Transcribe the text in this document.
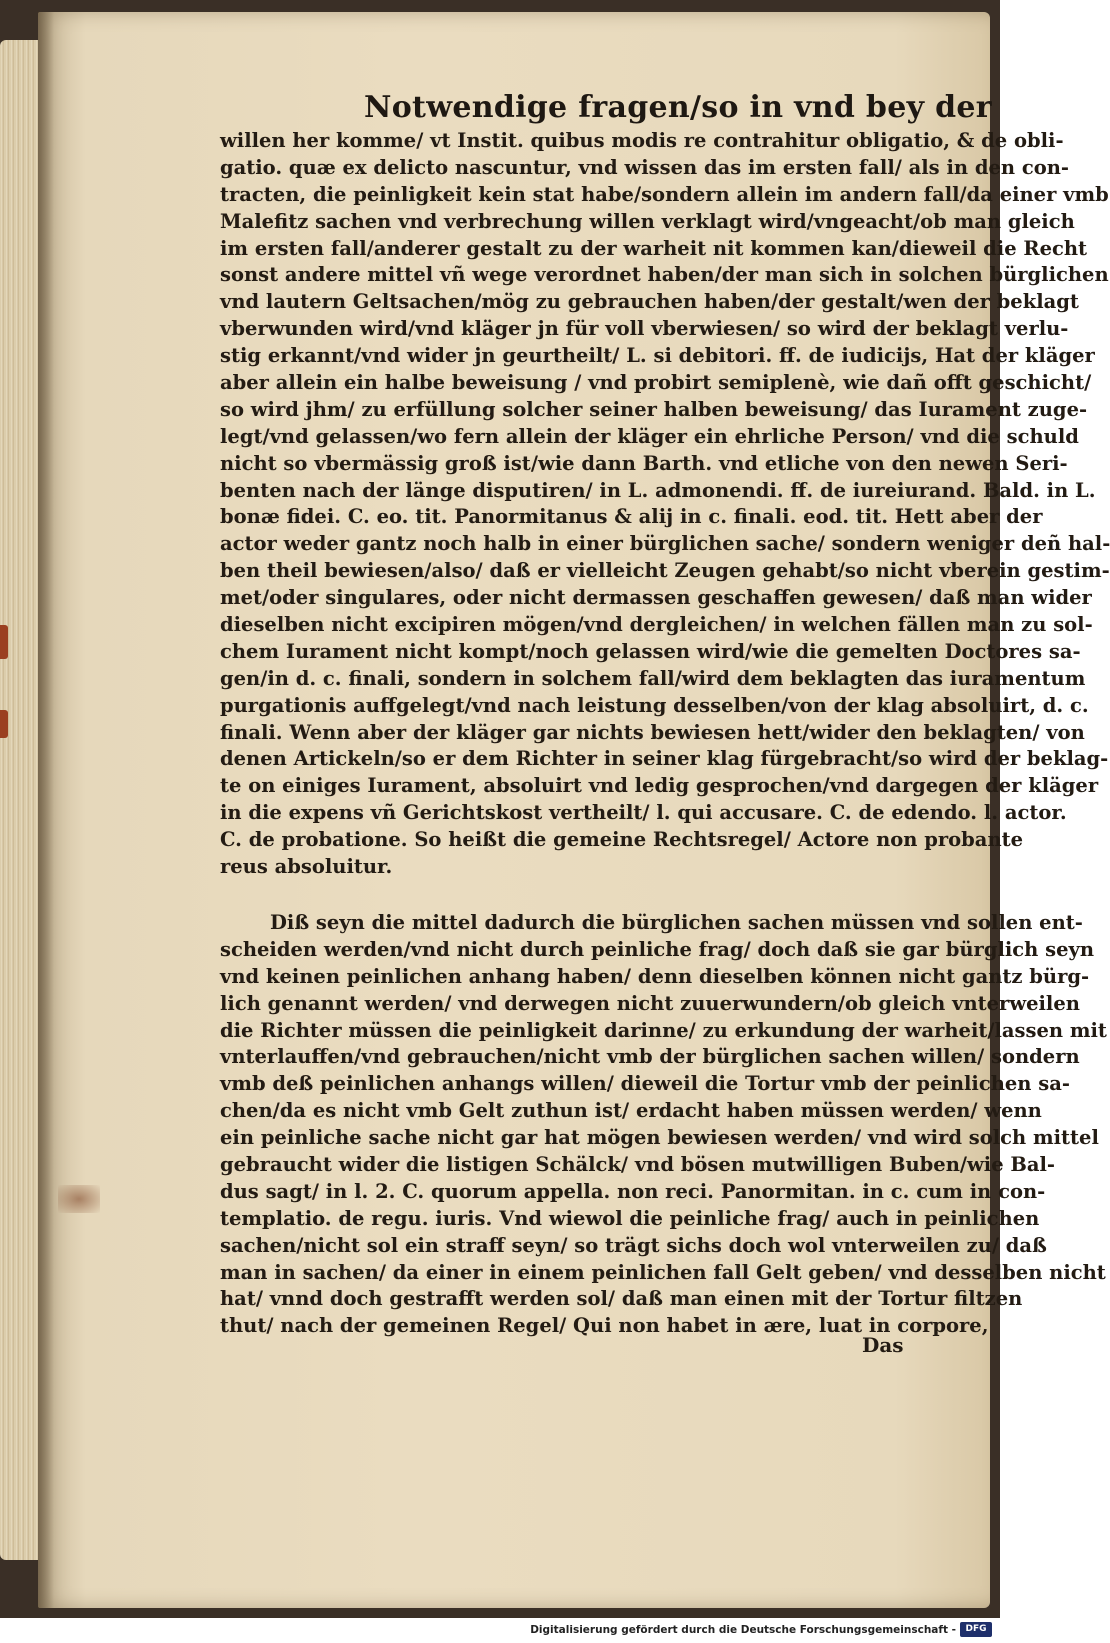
Notwendige fragen/so in vnd bey der
willen her komme/ vt Instit. quibus modis re contrahitur obligatio, & de obli-
gatio. quæ ex delicto nascuntur, vnd wissen das im ersten fall/ als in den con-
tracten, die peinligkeit kein stat habe/sondern allein im andern fall/da einer vmb
Malefitz sachen vnd verbrechung willen verklagt wird/vngeacht/ob man gleich
im ersten fall/anderer gestalt zu der warheit nit kommen kan/dieweil die Recht
sonst andere mittel vñ wege verordnet haben/der man sich in solchen bürglichen
vnd lautern Geltsachen/mög zu gebrauchen haben/der gestalt/wen der beklagt
vberwunden wird/vnd kläger jn für voll vberwiesen/ so wird der beklagt verlu-
stig erkannt/vnd wider jn geurtheilt/ L. si debitori. ff. de iudicijs, Hat der kläger
aber allein ein halbe beweisung / vnd probirt semiplenè, wie dañ offt geschicht/
so wird jhm/ zu erfüllung solcher seiner halben beweisung/ das Iurament zuge-
legt/vnd gelassen/wo fern allein der kläger ein ehrliche Person/ vnd die schuld
nicht so vbermässig groß ist/wie dann Barth. vnd etliche von den newen Seri-
benten nach der länge disputiren/ in L. admonendi. ff. de iureiurand. Bald. in L.
bonæ fidei. C. eo. tit. Panormitanus & alij in c. finali. eod. tit. Hett aber der
actor weder gantz noch halb in einer bürglichen sache/ sondern weniger deñ hal-
ben theil bewiesen/also/ daß er vielleicht Zeugen gehabt/so nicht vberein gestim-
met/oder singulares, oder nicht dermassen geschaffen gewesen/ daß man wider
dieselben nicht excipiren mögen/vnd dergleichen/ in welchen fällen man zu sol-
chem Iurament nicht kompt/noch gelassen wird/wie die gemelten Doctores sa-
gen/in d. c. finali, sondern in solchem fall/wird dem beklagten das iuramentum
purgationis auffgelegt/vnd nach leistung desselben/von der klag absoluirt, d. c.
finali. Wenn aber der kläger gar nichts bewiesen hett/wider den beklagten/ von
denen Artickeln/so er dem Richter in seiner klag fürgebracht/so wird der beklag-
te on einiges Iurament, absoluirt vnd ledig gesprochen/vnd dargegen der kläger
in die expens vñ Gerichtskost vertheilt/ l. qui accusare. C. de edendo. l. actor.
C. de probatione. So heißt die gemeine Rechtsregel/ Actore non probante
reus absoluitur.
Diß seyn die mittel dadurch die bürglichen sachen müssen vnd sollen ent-
scheiden werden/vnd nicht durch peinliche frag/ doch daß sie gar bürglich seyn
vnd keinen peinlichen anhang haben/ denn dieselben können nicht gantz bürg-
lich genannt werden/ vnd derwegen nicht zuuerwundern/ob gleich vnterweilen
die Richter müssen die peinligkeit darinne/ zu erkundung der warheit/lassen mit
vnterlauffen/vnd gebrauchen/nicht vmb der bürglichen sachen willen/ sondern
vmb deß peinlichen anhangs willen/ dieweil die Tortur vmb der peinlichen sa-
chen/da es nicht vmb Gelt zuthun ist/ erdacht haben müssen werden/ wenn
ein peinliche sache nicht gar hat mögen bewiesen werden/ vnd wird solch mittel
gebraucht wider die listigen Schälck/ vnd bösen mutwilligen Buben/wie Bal-
dus sagt/ in l. 2. C. quorum appella. non reci. Panormitan. in c. cum in con-
templatio. de regu. iuris. Vnd wiewol die peinliche frag/ auch in peinlichen
sachen/nicht sol ein straff seyn/ so trägt sichs doch wol vnterweilen zu/ daß
man in sachen/ da einer in einem peinlichen fall Gelt geben/ vnd desselben nicht
hat/ vnnd doch gestrafft werden sol/ daß man einen mit der Tortur filtzen
thut/ nach der gemeinen Regel/ Qui non habet in ære, luat in corpore,
Das
Digitalisierung gefördert durch die Deutsche Forschungsgemeinschaft -	DFG
